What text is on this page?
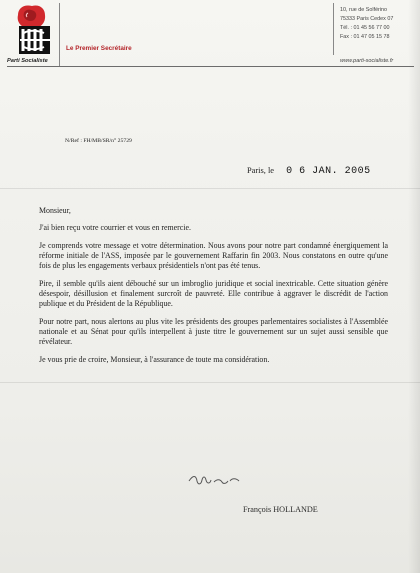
Parti Socialiste
Le Premier Secrétaire
10, rue de Solférino
75333 Paris Cedex 07
Tél. : 01 45 56 77 00
Fax : 01 47 05 15 78
www.parti-socialiste.fr
N/Ref : FH/MB/SR/n° 25729
Paris, le 0 6 JAN. 2005

Monsieur,

J'ai bien reçu votre courrier et vous en remercie.

Je comprends votre message et votre détermination. Nous avons pour notre part condamné énergiquement la réforme initiale de l'ASS, imposée par le gouvernement Raffarin fin 2003. Nous constatons en outre qu'une fois de plus les engagements verbaux présidentiels n'ont pas été tenus.

Pire, il semble qu'ils aient débouché sur un imbroglio juridique et social inextricable. Cette situation génère désespoir, désillusion et finalement surcroît de pauvreté. Elle contribue à aggraver le discrédit de l'action publique et du Président de la République.

Pour notre part, nous alertons au plus vite les présidents des groupes parlementaires socialistes à l'Assemblée nationale et au Sénat pour qu'ils interpellent à juste titre le gouvernement sur un sujet aussi sensible que révélateur.

Je vous prie de croire, Monsieur, à l'assurance de toute ma considération.

François HOLLANDE
